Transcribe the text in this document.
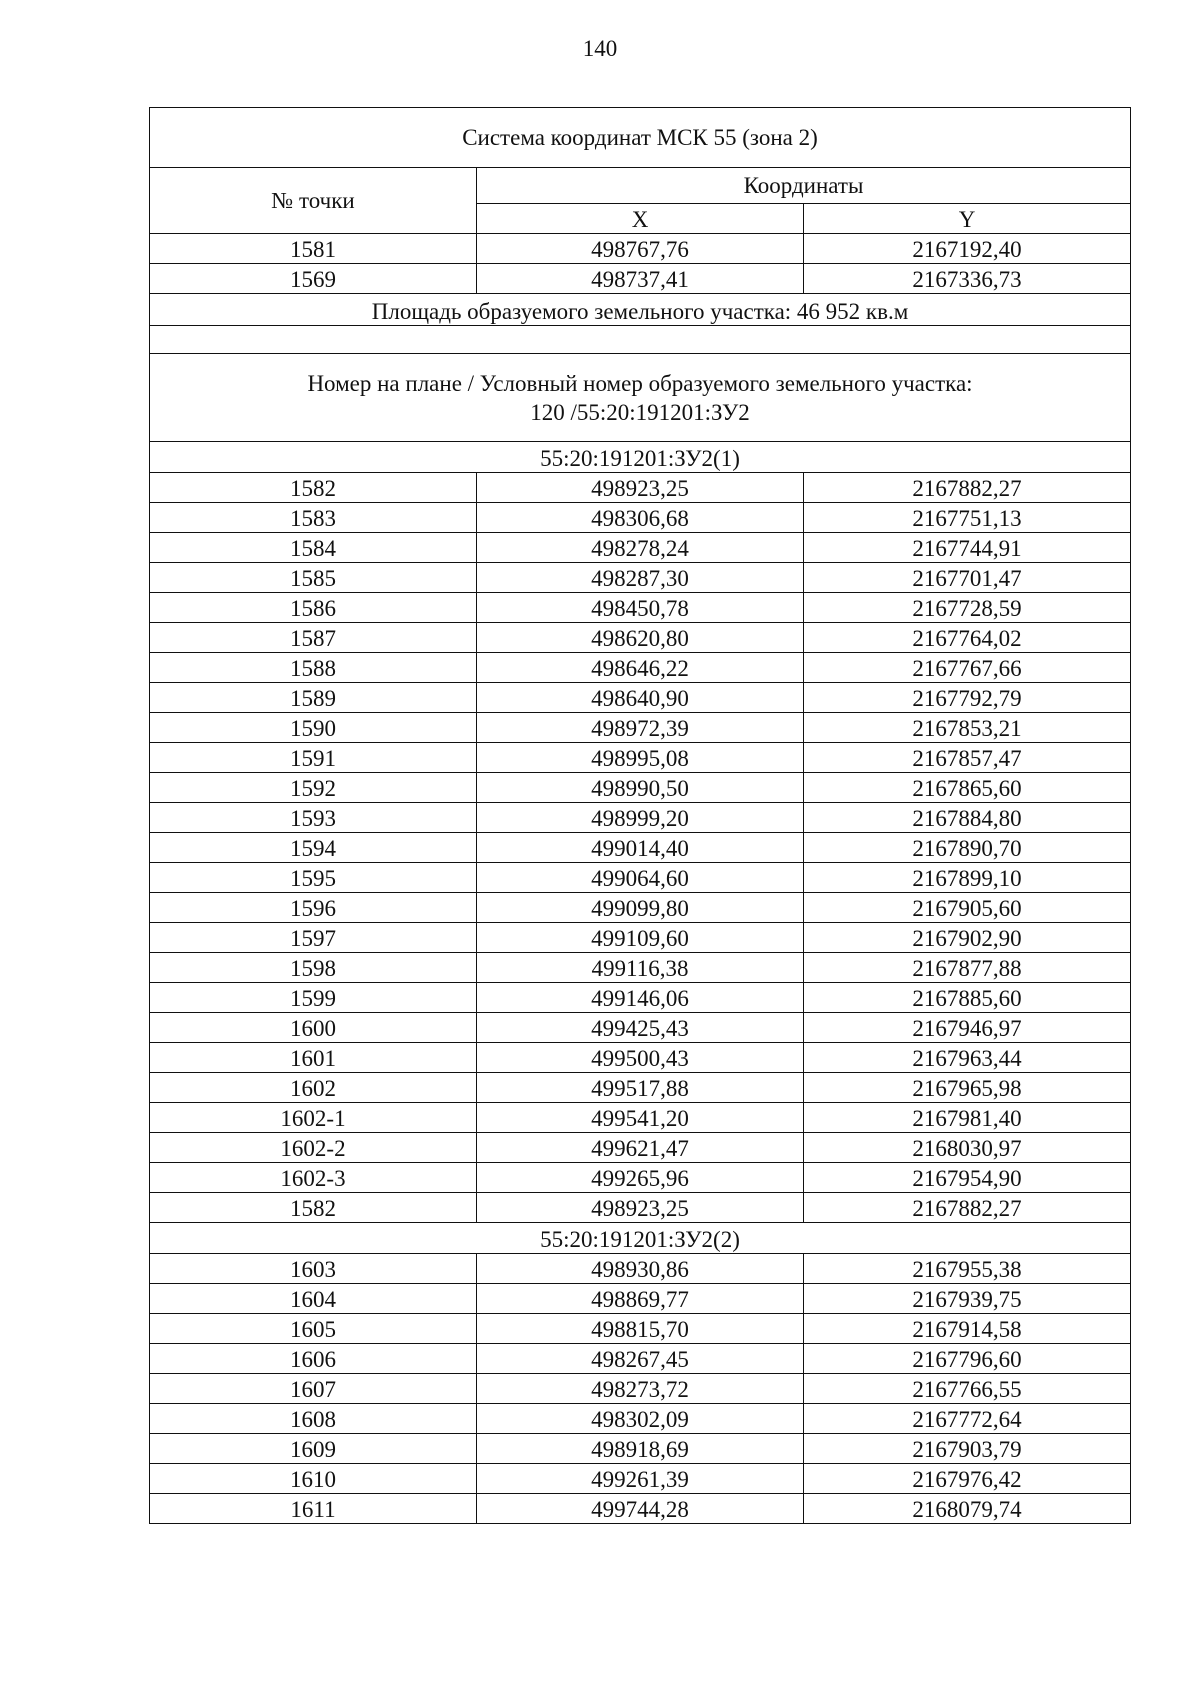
140
Система координат МСК 55 (зона 2)		
№ точки	Координаты	
	X	Y
1581	498767,76	2167192,40
1569	498737,41	2167336,73
Площадь образуемого земельного участка: 46 952 кв.м		

Номер на плане / Условный номер образуемого земельного участка:
120 /55:20:191201:ЗУ2		

55:20:191201:ЗУ2(1)		
1582	498923,25	2167882,27
1583	498306,68	2167751,13
1584	498278,24	2167744,91
1585	498287,30	2167701,47
1586	498450,78	2167728,59
1587	498620,80	2167764,02
1588	498646,22	2167767,66
1589	498640,90	2167792,79
1590	498972,39	2167853,21
1591	498995,08	2167857,47
1592	498990,50	2167865,60
1593	498999,20	2167884,80
1594	499014,40	2167890,70
1595	499064,60	2167899,10
1596	499099,80	2167905,60
1597	499109,60	2167902,90
1598	499116,38	2167877,88
1599	499146,06	2167885,60
1600	499425,43	2167946,97
1601	499500,43	2167963,44
1602	499517,88	2167965,98
1602-1	499541,20	2167981,40
1602-2	499621,47	2168030,97
1602-3	499265,96	2167954,90
1582	498923,25	2167882,27
55:20:191201:ЗУ2(2)		
1603	498930,86	2167955,38
1604	498869,77	2167939,75
1605	498815,70	2167914,58
1606	498267,45	2167796,60
1607	498273,72	2167766,55
1608	498302,09	2167772,64
1609	498918,69	2167903,79
1610	499261,39	2167976,42
1611	499744,28	2168079,74
